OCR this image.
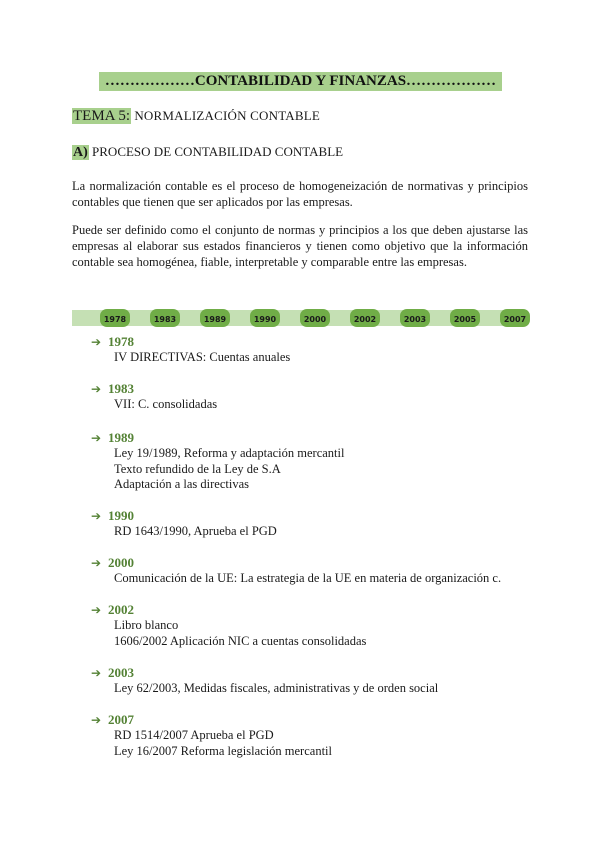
………………CONTABILIDAD Y FINANZAS………………
TEMA 5: NORMALIZACIÓN CONTABLE
A) PROCESO DE CONTABILIDAD CONTABLE

La normalización contable es el proceso de homogeneización de normativas y principios contables que tienen que ser aplicados por las empresas.

Puede ser definido como el conjunto de normas y principios a los que deben ajustarse las empresas al elaborar sus estados financieros y tienen como objetivo que la información contable sea homogénea, fiable, interpretable y comparable entre las empresas.

1978	1983	1989	1990	2000	2002	2003	2005	2007
➔ 1978
IV DIRECTIVAS: Cuentas anuales
➔ 1983
VII: C. consolidadas
➔ 1989
Ley 19/1989, Reforma y adaptación mercantil
Texto refundido de la Ley de S.A
Adaptación a las directivas
➔ 1990
RD 1643/1990, Aprueba el PGD
➔ 2000
Comunicación de la UE: La estrategia de la UE en materia de organización c.
➔ 2002
Libro blanco
1606/2002 Aplicación NIC a cuentas consolidadas
➔ 2003
Ley 62/2003, Medidas fiscales, administrativas y de orden social
➔ 2007
RD 1514/2007 Aprueba el PGD
Ley 16/2007 Reforma legislación mercantil
